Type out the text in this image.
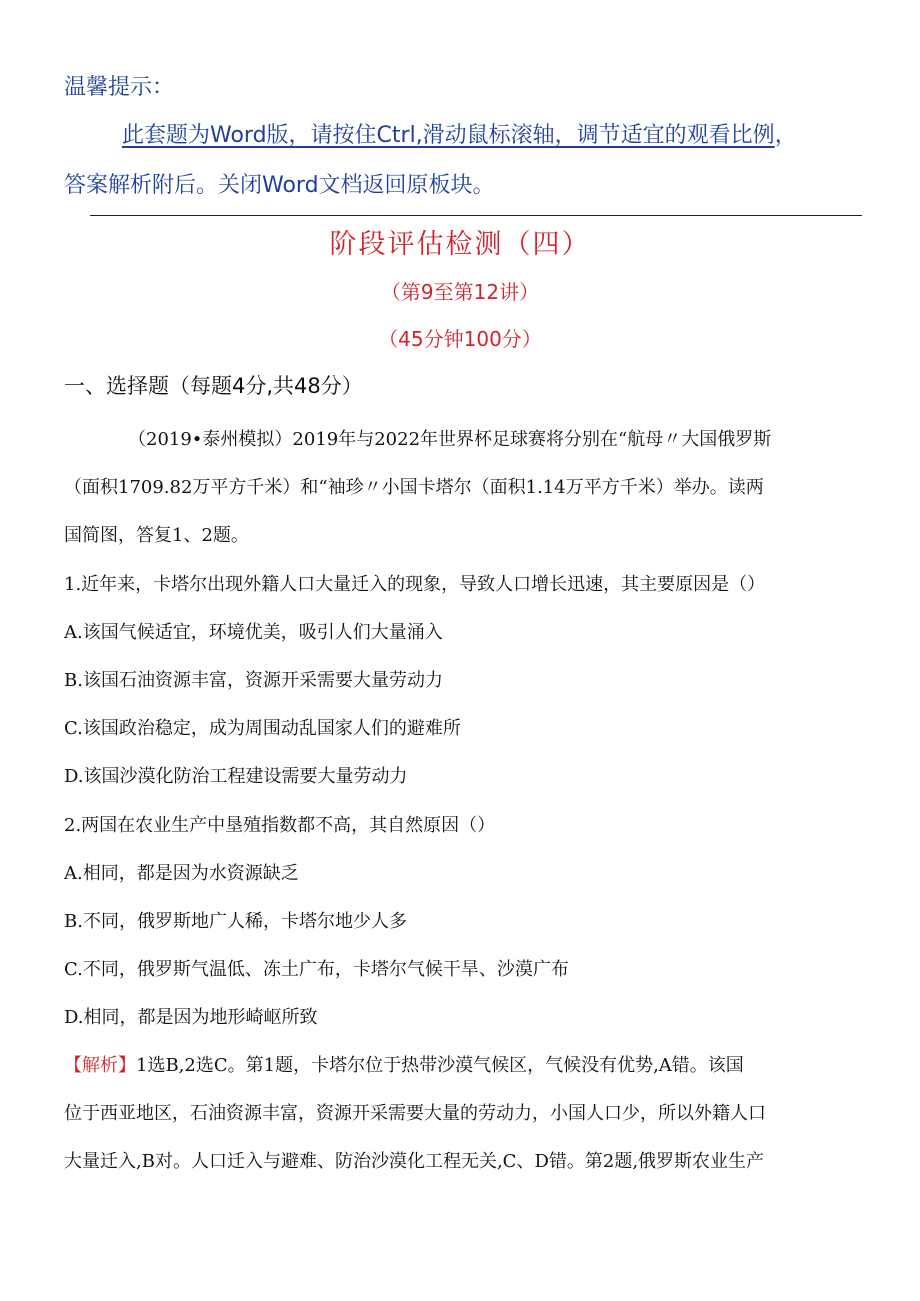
温馨提示：
此套题为Word版，请按住Ctrl,滑动鼠标滚轴，调节适宜的观看比例，
答案解析附后。关闭Word文档返回原板块。
阶段评估检测（四）
（第9至第12讲）
（45分钟100分）
一、选择题（每题4分,共48分）
（2019•泰州模拟）2019年与2022年世界杯足球赛将分别在“航母〃大国俄罗斯
（面积1709.82万平方千米）和“袖珍〃小国卡塔尔（面积1.14万平方千米）举办。读两
国简图，答复1、2题。
1.近年来，卡塔尔出现外籍人口大量迁入的现象，导致人口增长迅速，其主要原因是（）
A.该国气候适宜，环境优美，吸引人们大量涌入
B.该国石油资源丰富，资源开采需要大量劳动力
C.该国政治稳定，成为周围动乱国家人们的避难所
D.该国沙漠化防治工程建设需要大量劳动力
2.两国在农业生产中垦殖指数都不高，其自然原因（）
A.相同，都是因为水资源缺乏
B.不同，俄罗斯地广人稀，卡塔尔地少人多
C.不同，俄罗斯气温低、冻土广布，卡塔尔气候干旱、沙漠广布
D.相同，都是因为地形崎岖所致
【解析】1选B,2选C。第1题，卡塔尔位于热带沙漠气候区，气候没有优势,A错。该国
位于西亚地区，石油资源丰富，资源开采需要大量的劳动力，小国人口少，所以外籍人口
大量迁入,B对。人口迁入与避难、防治沙漠化工程无关,C、D错。第2题,俄罗斯农业生产
